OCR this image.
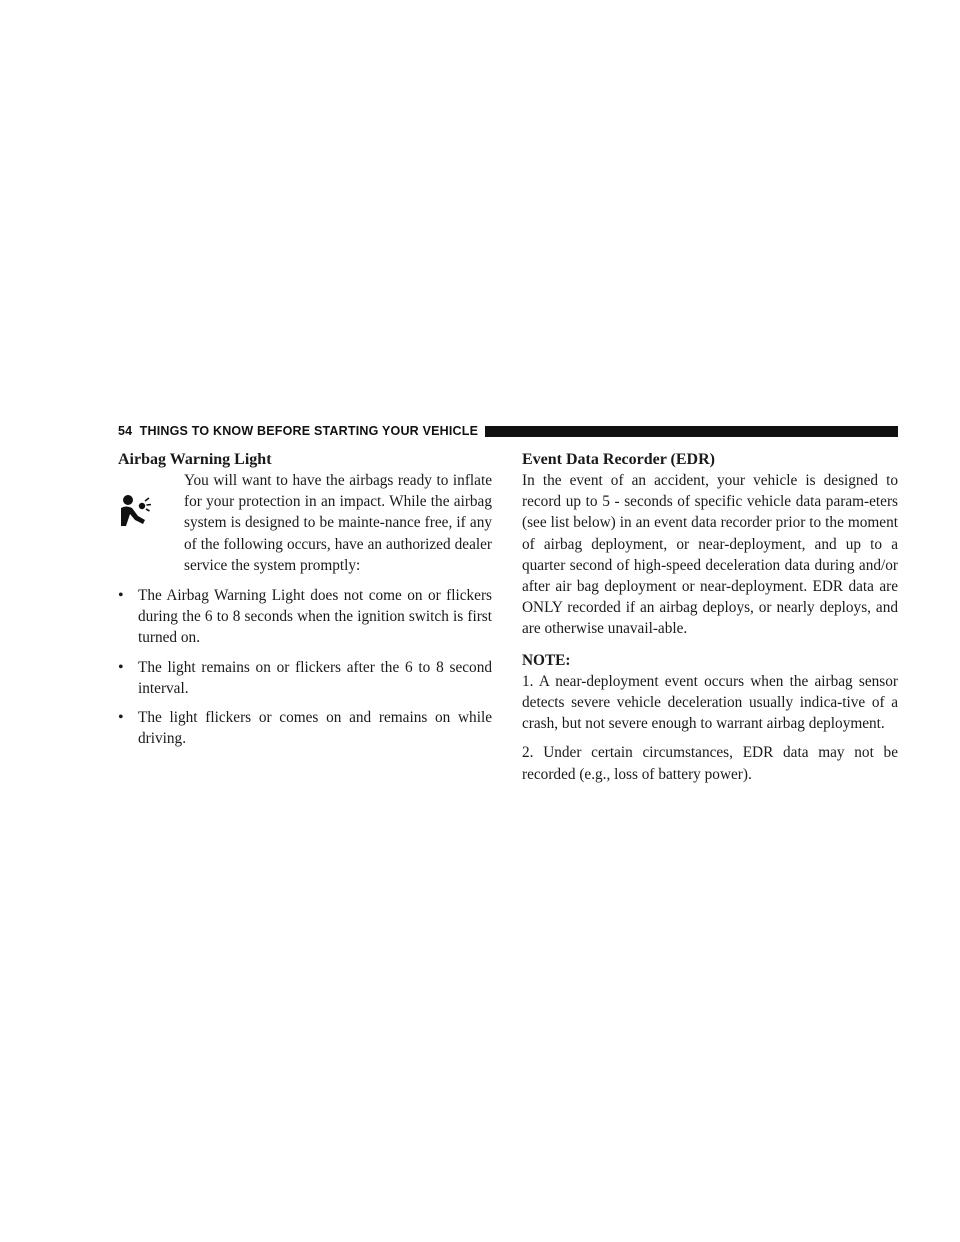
54 THINGS TO KNOW BEFORE STARTING YOUR VEHICLE
Airbag Warning Light
You will want to have the airbags ready to inflate for your protection in an impact. While the airbag system is designed to be mainte-nance free, if any of the following occurs, have an authorized dealer service the system promptly:
• The Airbag Warning Light does not come on or flickers during the 6 to 8 seconds when the ignition switch is first turned on.
• The light remains on or flickers after the 6 to 8 second interval.
• The light flickers or comes on and remains on while driving.
Event Data Recorder (EDR)

In the event of an accident, your vehicle is designed to record up to 5 - seconds of specific vehicle data param-eters (see list below) in an event data recorder prior to the moment of airbag deployment, or near-deployment, and up to a quarter second of high-speed deceleration data during and/or after air bag deployment or near-deployment. EDR data are ONLY recorded if an airbag deploys, or nearly deploys, and are otherwise unavail-able.

NOTE:

1. A near-deployment event occurs when the airbag sensor detects severe vehicle deceleration usually indica-tive of a crash, but not severe enough to warrant airbag deployment.

2. Under certain circumstances, EDR data may not be recorded (e.g., loss of battery power).
